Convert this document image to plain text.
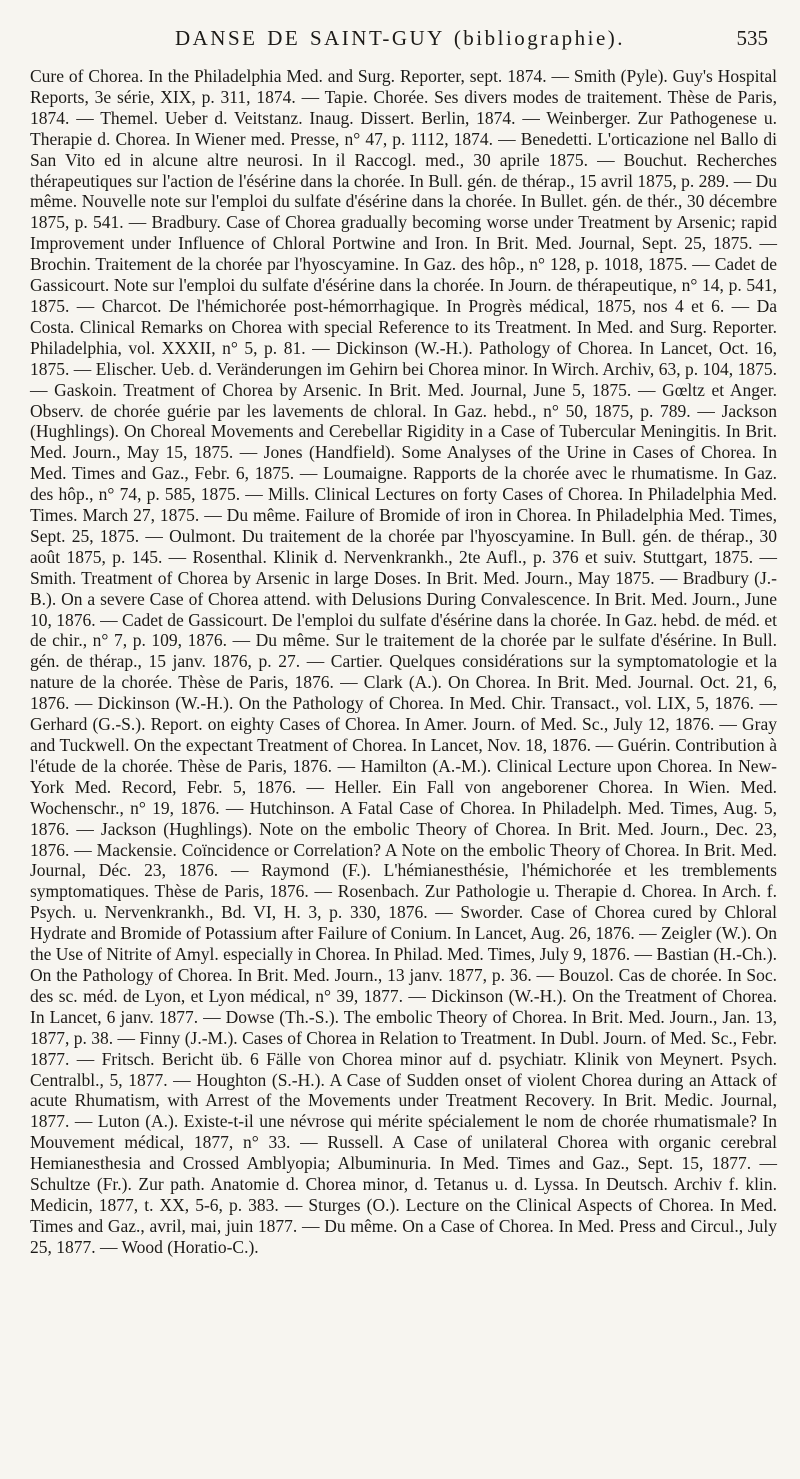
DANSE DE SAINT-GUY (bibliographie).	535

Cure of Chorea. In the Philadelphia Med. and Surg. Reporter, sept. 1874. — Smith (Pyle). Guy's Hospital Reports, 3e série, XIX, p. 311, 1874. — Tapie. Chorée. Ses divers modes de traitement. Thèse de Paris, 1874. — Themel. Ueber d. Veitstanz. Inaug. Dissert. Berlin, 1874. — Weinberger. Zur Pathogenese u. Therapie d. Chorea. In Wiener med. Presse, n° 47, p. 1112, 1874. — Benedetti. L'orticazione nel Ballo di San Vito ed in alcune altre neurosi. In il Raccogl. med., 30 aprile 1875. — Bouchut. Recherches thérapeutiques sur l'action de l'ésérine dans la chorée. In Bull. gén. de thérap., 15 avril 1875, p. 289. — Du même. Nouvelle note sur l'emploi du sulfate d'ésérine dans la chorée. In Bullet. gén. de thér., 30 décembre 1875, p. 541. — Bradbury. Case of Chorea gradually becoming worse under Treatment by Arsenic; rapid Improvement under Influence of Chloral Portwine and Iron. In Brit. Med. Journal, Sept. 25, 1875. — Brochin. Traitement de la chorée par l'hyoscyamine. In Gaz. des hôp., n° 128, p. 1018, 1875. — Cadet de Gassicourt. Note sur l'emploi du sulfate d'ésérine dans la chorée. In Journ. de thérapeutique, n° 14, p. 541, 1875. — Charcot. De l'hémichorée post-hémorrhagique. In Progrès médical, 1875, nos 4 et 6. — Da Costa. Clinical Remarks on Chorea with special Reference to its Treatment. In Med. and Surg. Reporter. Philadelphia, vol. XXXII, n° 5, p. 81. — Dickinson (W.-H.). Pathology of Chorea. In Lancet, Oct. 16, 1875. — Elischer. Ueb. d. Veränderungen im Gehirn bei Chorea minor. In Wirch. Archiv, 63, p. 104, 1875. — Gaskoin. Treatment of Chorea by Arsenic. In Brit. Med. Journal, June 5, 1875. — Gœltz et Anger. Observ. de chorée guérie par les lavements de chloral. In Gaz. hebd., n° 50, 1875, p. 789. — Jackson (Hughlings). On Choreal Movements and Cerebellar Rigidity in a Case of Tubercular Meningitis. In Brit. Med. Journ., May 15, 1875. — Jones (Handfield). Some Analyses of the Urine in Cases of Chorea. In Med. Times and Gaz., Febr. 6, 1875. — Loumaigne. Rapports de la chorée avec le rhumatisme. In Gaz. des hôp., n° 74, p. 585, 1875. — Mills. Clinical Lectures on forty Cases of Chorea. In Philadelphia Med. Times. March 27, 1875. — Du même. Failure of Bromide of iron in Chorea. In Philadelphia Med. Times, Sept. 25, 1875. — Oulmont. Du traitement de la chorée par l'hyoscyamine. In Bull. gén. de thérap., 30 août 1875, p. 145. — Rosenthal. Klinik d. Nervenkrankh., 2te Aufl., p. 376 et suiv. Stuttgart, 1875. — Smith. Treatment of Chorea by Arsenic in large Doses. In Brit. Med. Journ., May 1875. — Bradbury (J.-B.). On a severe Case of Chorea attend. with Delusions During Convalescence. In Brit. Med. Journ., June 10, 1876. — Cadet de Gassicourt. De l'emploi du sulfate d'ésérine dans la chorée. In Gaz. hebd. de méd. et de chir., n° 7, p. 109, 1876. — Du même. Sur le traitement de la chorée par le sulfate d'ésérine. In Bull. gén. de thérap., 15 janv. 1876, p. 27. — Cartier. Quelques considérations sur la symptomatologie et la nature de la chorée. Thèse de Paris, 1876. — Clark (A.). On Chorea. In Brit. Med. Journal. Oct. 21, 6, 1876. — Dickinson (W.-H.). On the Pathology of Chorea. In Med. Chir. Transact., vol. LIX, 5, 1876. — Gerhard (G.-S.). Report. on eighty Cases of Chorea. In Amer. Journ. of Med. Sc., July 12, 1876. — Gray and Tuckwell. On the expectant Treatment of Chorea. In Lancet, Nov. 18, 1876. — Guérin. Contribution à l'étude de la chorée. Thèse de Paris, 1876. — Hamilton (A.-M.). Clinical Lecture upon Chorea. In New-York Med. Record, Febr. 5, 1876. — Heller. Ein Fall von angeborener Chorea. In Wien. Med. Wochenschr., n° 19, 1876. — Hutchinson. A Fatal Case of Chorea. In Philadelph. Med. Times, Aug. 5, 1876. — Jackson (Hughlings). Note on the embolic Theory of Chorea. In Brit. Med. Journ., Dec. 23, 1876. — Mackensie. Coïncidence or Correlation? A Note on the embolic Theory of Chorea. In Brit. Med. Journal, Déc. 23, 1876. — Raymond (F.). L'hémianesthésie, l'hémichorée et les tremblements symptomatiques. Thèse de Paris, 1876. — Rosenbach. Zur Pathologie u. Therapie d. Chorea. In Arch. f. Psych. u. Nervenkrankh., Bd. VI, H. 3, p. 330, 1876. — Sworder. Case of Chorea cured by Chloral Hydrate and Bromide of Potassium after Failure of Conium. In Lancet, Aug. 26, 1876. — Zeigler (W.). On the Use of Nitrite of Amyl. especially in Chorea. In Philad. Med. Times, July 9, 1876. — Bastian (H.-Ch.). On the Pathology of Chorea. In Brit. Med. Journ., 13 janv. 1877, p. 36. — Bouzol. Cas de chorée. In Soc. des sc. méd. de Lyon, et Lyon médical, n° 39, 1877. — Dickinson (W.-H.). On the Treatment of Chorea. In Lancet, 6 janv. 1877. — Dowse (Th.-S.). The embolic Theory of Chorea. In Brit. Med. Journ., Jan. 13, 1877, p. 38. — Finny (J.-M.). Cases of Chorea in Relation to Treatment. In Dubl. Journ. of Med. Sc., Febr. 1877. — Fritsch. Bericht üb. 6 Fälle von Chorea minor auf d. psychiatr. Klinik von Meynert. Psych. Centralbl., 5, 1877. — Houghton (S.-H.). A Case of Sudden onset of violent Chorea during an Attack of acute Rhumatism, with Arrest of the Movements under Treatment Recovery. In Brit. Medic. Journal, 1877. — Luton (A.). Existe-t-il une névrose qui mérite spécialement le nom de chorée rhumatismale? In Mouvement médical, 1877, n° 33. — Russell. A Case of unilateral Chorea with organic cerebral Hemianesthesia and Crossed Amblyopia; Albuminuria. In Med. Times and Gaz., Sept. 15, 1877. — Schultze (Fr.). Zur path. Anatomie d. Chorea minor, d. Tetanus u. d. Lyssa. In Deutsch. Archiv f. klin. Medicin, 1877, t. XX, 5-6, p. 383. — Sturges (O.). Lecture on the Clinical Aspects of Chorea. In Med. Times and Gaz., avril, mai, juin 1877. — Du même. On a Case of Chorea. In Med. Press and Circul., July 25, 1877. — Wood (Horatio-C.).
